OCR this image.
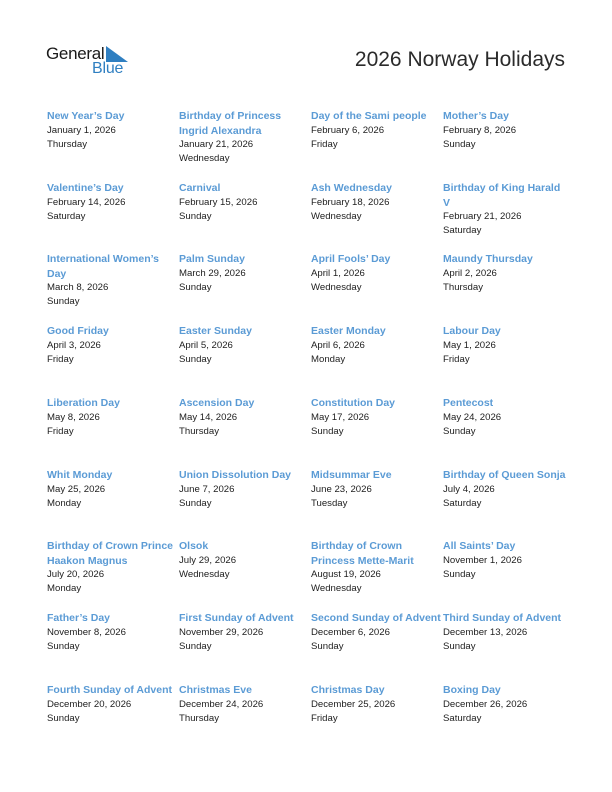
General
Blue	2026 Norway Holidays
New Year’s Day
January 1, 2026
Thursday
Birthday of Princess Ingrid Alexandra
January 21, 2026
Wednesday
Day of the Sami people
February 6, 2026
Friday
Mother’s Day
February 8, 2026
Sunday
Valentine’s Day
February 14, 2026
Saturday
Carnival
February 15, 2026
Sunday
Ash Wednesday
February 18, 2026
Wednesday
Birthday of King Harald V
February 21, 2026
Saturday
International Women’s Day
March 8, 2026
Sunday
Palm Sunday
March 29, 2026
Sunday
April Fools’ Day
April 1, 2026
Wednesday
Maundy Thursday
April 2, 2026
Thursday
Good Friday
April 3, 2026
Friday
Easter Sunday
April 5, 2026
Sunday
Easter Monday
April 6, 2026
Monday
Labour Day
May 1, 2026
Friday
Liberation Day
May 8, 2026
Friday
Ascension Day
May 14, 2026
Thursday
Constitution Day
May 17, 2026
Sunday
Pentecost
May 24, 2026
Sunday
Whit Monday
May 25, 2026
Monday
Union Dissolution Day
June 7, 2026
Sunday
Midsummar Eve
June 23, 2026
Tuesday
Birthday of Queen Sonja
July 4, 2026
Saturday
Birthday of Crown Prince Haakon Magnus
July 20, 2026
Monday
Olsok
July 29, 2026
Wednesday
Birthday of Crown Princess Mette-Marit
August 19, 2026
Wednesday
All Saints’ Day
November 1, 2026
Sunday
Father’s Day
November 8, 2026
Sunday
First Sunday of Advent
November 29, 2026
Sunday
Second Sunday of Advent
December 6, 2026
Sunday
Third Sunday of Advent
December 13, 2026
Sunday
Fourth Sunday of Advent
December 20, 2026
Sunday
Christmas Eve
December 24, 2026
Thursday
Christmas Day
December 25, 2026
Friday
Boxing Day
December 26, 2026
Saturday
